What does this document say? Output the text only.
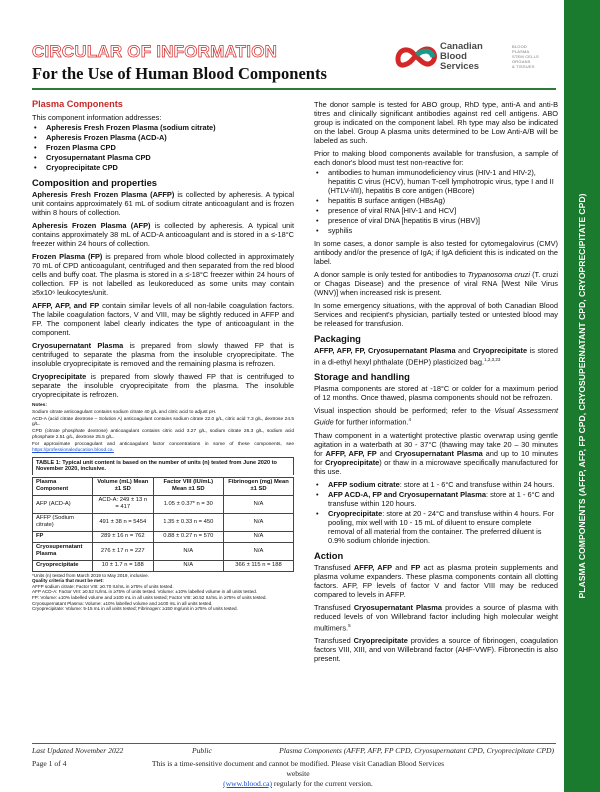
CIRCULAR OF INFORMATION
For the Use of Human Blood Components
Canadian
Blood
Services
BLOOD
PLASMA
STEM CELLS
ORGANS
& TISSUES
PLASMA COMPONENTS (AFFP, AFP, FP CPD, CRYOSUPERNATANT CPD, CRYOPRECIPITATE CPD)
Plasma Components

This component information addresses:

• Apheresis Fresh Frozen Plasma (sodium citrate)
• Apheresis Frozen Plasma (ACD-A)
• Frozen Plasma CPD
• Cryosupernatant Plasma CPD
• Cryoprecipitate CPD
Composition and properties

Apheresis Fresh Frozen Plasma (AFFP) is collected by apheresis. A typical unit contains approximately 61 mL of sodium citrate anticoagulant and is frozen within 8 hours of collection.

Apheresis Frozen Plasma (AFP) is collected by apheresis. A typical unit contains approximately 38 mL of ACD-A anticoagulant and is stored in a ≤-18°C freezer within 24 hours of collection.

Frozen Plasma (FP) is prepared from whole blood collected in approximately 70 mL of CPD anticoagulant, centrifuged and then separated from the red blood cells and buffy coat. The plasma is stored in a ≤-18°C freezer within 24 hours of collection. FP is not labelled as leukoreduced as some units may contain ≥5x10⁶ leukocytes/unit.

AFFP, AFP, and FP contain similar levels of all non-labile coagulation factors. The labile coagulation factors, V and VIII, may be slightly reduced in AFFP and FP. The component label clearly indicates the type of anticoagulant in the component.

Cryosupernatant Plasma is prepared from slowly thawed FP that is centrifuged to separate the plasma from the insoluble cryoprecipitate. The insoluble cryoprecipitate is removed and the remaining plasma is refrozen.

Cryoprecipitate is prepared from slowly thawed FP that is centrifuged to separate the insoluble cryoprecipitate from the plasma. The insoluble cryoprecipitate is refrozen.

Notes:

Sodium citrate anticoagulant contains sodium citrate 40 g/L and citric acid to adjust pH.

ACD-A (acid citrate dextrose – Solution A) anticoagulant contains sodium citrate 22.0 g/L, citric acid 7.3 g/L, dextrose 24.5 g/L.

CPD (citrate phosphate dextrose) anticoagulant contains citric acid 3.27 g/L, sodium citrate 26.3 g/L, sodium acid phosphate 2.51 g/L, dextrose 25.5 g/L.

For approximate procoagulant and anticoagulant factor concentrations in some of these components, see https://professionaleducation.blood.ca.

TABLE 1: Typical unit content is based on the number of units (n) tested from June 2020 to November 2020, inclusive.
Plasma Component	Volume (mL) Mean ±1 SD	Factor VIII (IU/mL) Mean ±1 SD	Fibrinogen (mg) Mean ±1 SD
AFP (ACD-A)	ACD-A: 249 ± 13 n = 417	1.05 ± 0.37* n = 30	N/A
AFFP (Sodium citrate)	491 ± 38 n = 5454	1.35 ± 0.33 n = 450	N/A
FP	289 ± 16 n = 762	0.88 ± 0.27 n = 570	N/A
Cryosupernatant Plasma	276 ± 17 n = 227	N/A	N/A
Cryoprecipitate	10 ± 1.7 n = 188	N/A	366 ± 115 n = 188
*Units (n) tested from March 2019 to May 2019, inclusive.
Quality criteria that must be met:
AFFP sodium citrate: Factor VIII: ≥0.70 IU/mL in ≥75% of units tested.
AFP ACD-A: Factor VIII: ≥0.52 IU/mL in ≥75% of units tested. Volume: ±10% labelled volume in all units tested.
FP: Volume: ±10% labelled volume and ≥100 mL in all units tested; Factor VIII: ≥0.52 IU/mL in ≥75% of units tested.
Cryosupernatant Plasma: Volume: ±10% labelled volume and ≥100 mL in all units tested.
Cryoprecipitate: Volume: 5-15 mL in all units tested; Fibrinogen: ≥150 mg/unit in ≥75% of units tested.

The donor sample is tested for ABO group, RhD type, anti-A and anti-B titres and clinically significant antibodies against red cell antigens. ABO group is indicated on the component label. Rh type may also be indicated on the label. Group A plasma units determined to be Low Anti-A/B will be labeled as such.

Prior to making blood components available for transfusion, a sample of each donor's blood must test non-reactive for:

• antibodies to human immunodeficiency virus (HIV-1 and HIV-2), hepatitis C virus (HCV), human T-cell lymphotropic virus, type I and II (HTLV-I/II), hepatitis B core antigen (HBcore)
• hepatitis B surface antigen (HBsAg)
• presence of viral RNA [HIV-1 and HCV]
• presence of viral DNA [hepatitis B virus (HBV)]
• syphilis

In some cases, a donor sample is also tested for cytomegalovirus (CMV) antibody and/or the presence of IgA; if IgA deficient this is indicated on the label.

A donor sample is only tested for antibodies to Trypanosoma cruzi (T. cruzi or Chagas Disease) and the presence of viral RNA [West Nile Virus (WNV)] when increased risk is present.

In some emergency situations, with the approval of both Canadian Blood Services and recipient's physician, partially tested or untested blood may be released for transfusion.

Packaging

AFFP, AFP, FP, Cryosupernatant Plasma and Cryoprecipitate is stored in a di-ethyl hexyl phthalate (DEHP) plasticized bag.$^{1,2,3,23}$

Storage and handling

Plasma components are stored at -18°C or colder for a maximum period of 12 months. Once thawed, plasma components should not be refrozen.

Visual inspection should be performed; refer to the Visual Assessment Guide for further information.$^4$

Thaw component in a watertight protective plastic overwrap using gentle agitation in a waterbath at 30 - 37°C (thawing may take 20 – 30 minutes for AFFP, AFP, FP and Cryosupernatant Plasma and up to 10 minutes for Cryoprecipitate) or thaw in a microwave specifically manufactured for this use.

• AFFP sodium citrate: store at 1 - 6°C and transfuse within 24 hours.
• AFP ACD-A, FP and Cryosupernatant Plasma: store at 1 - 6°C and transfuse within 120 hours.
• Cryoprecipitate: store at 20 - 24°C and transfuse within 4 hours. For pooling, mix well with 10 - 15 mL of diluent to ensure complete removal of all material from the container. The preferred diluent is 0.9% sodium chloride injection.
Action

Transfused AFFP, AFP and FP act as plasma protein supplements and plasma volume expanders. These plasma components contain all clotting factors. AFP, FP levels of factor V and factor VIII may be reduced compared to levels in AFFP.

Transfused Cryosupernatant Plasma provides a source of plasma with reduced levels of von Willebrand factor including high molecular weight multimers.$^5$

Transfused Cryoprecipitate provides a source of fibrinogen, coagulation factors VIII, XIII, and von Willebrand factor (AHF-VWF). Fibronectin is also present.

Last Updated November 2022	Public	Plasma Components (AFFP, AFP, FP CPD, Cryosupernatant CPD, Cryoprecipitate CPD)
Page 1 of 4	This is a time-sensitive document and cannot be modified. Please visit Canadian Blood Services website
(www.blood.ca) regularly for the current version.
